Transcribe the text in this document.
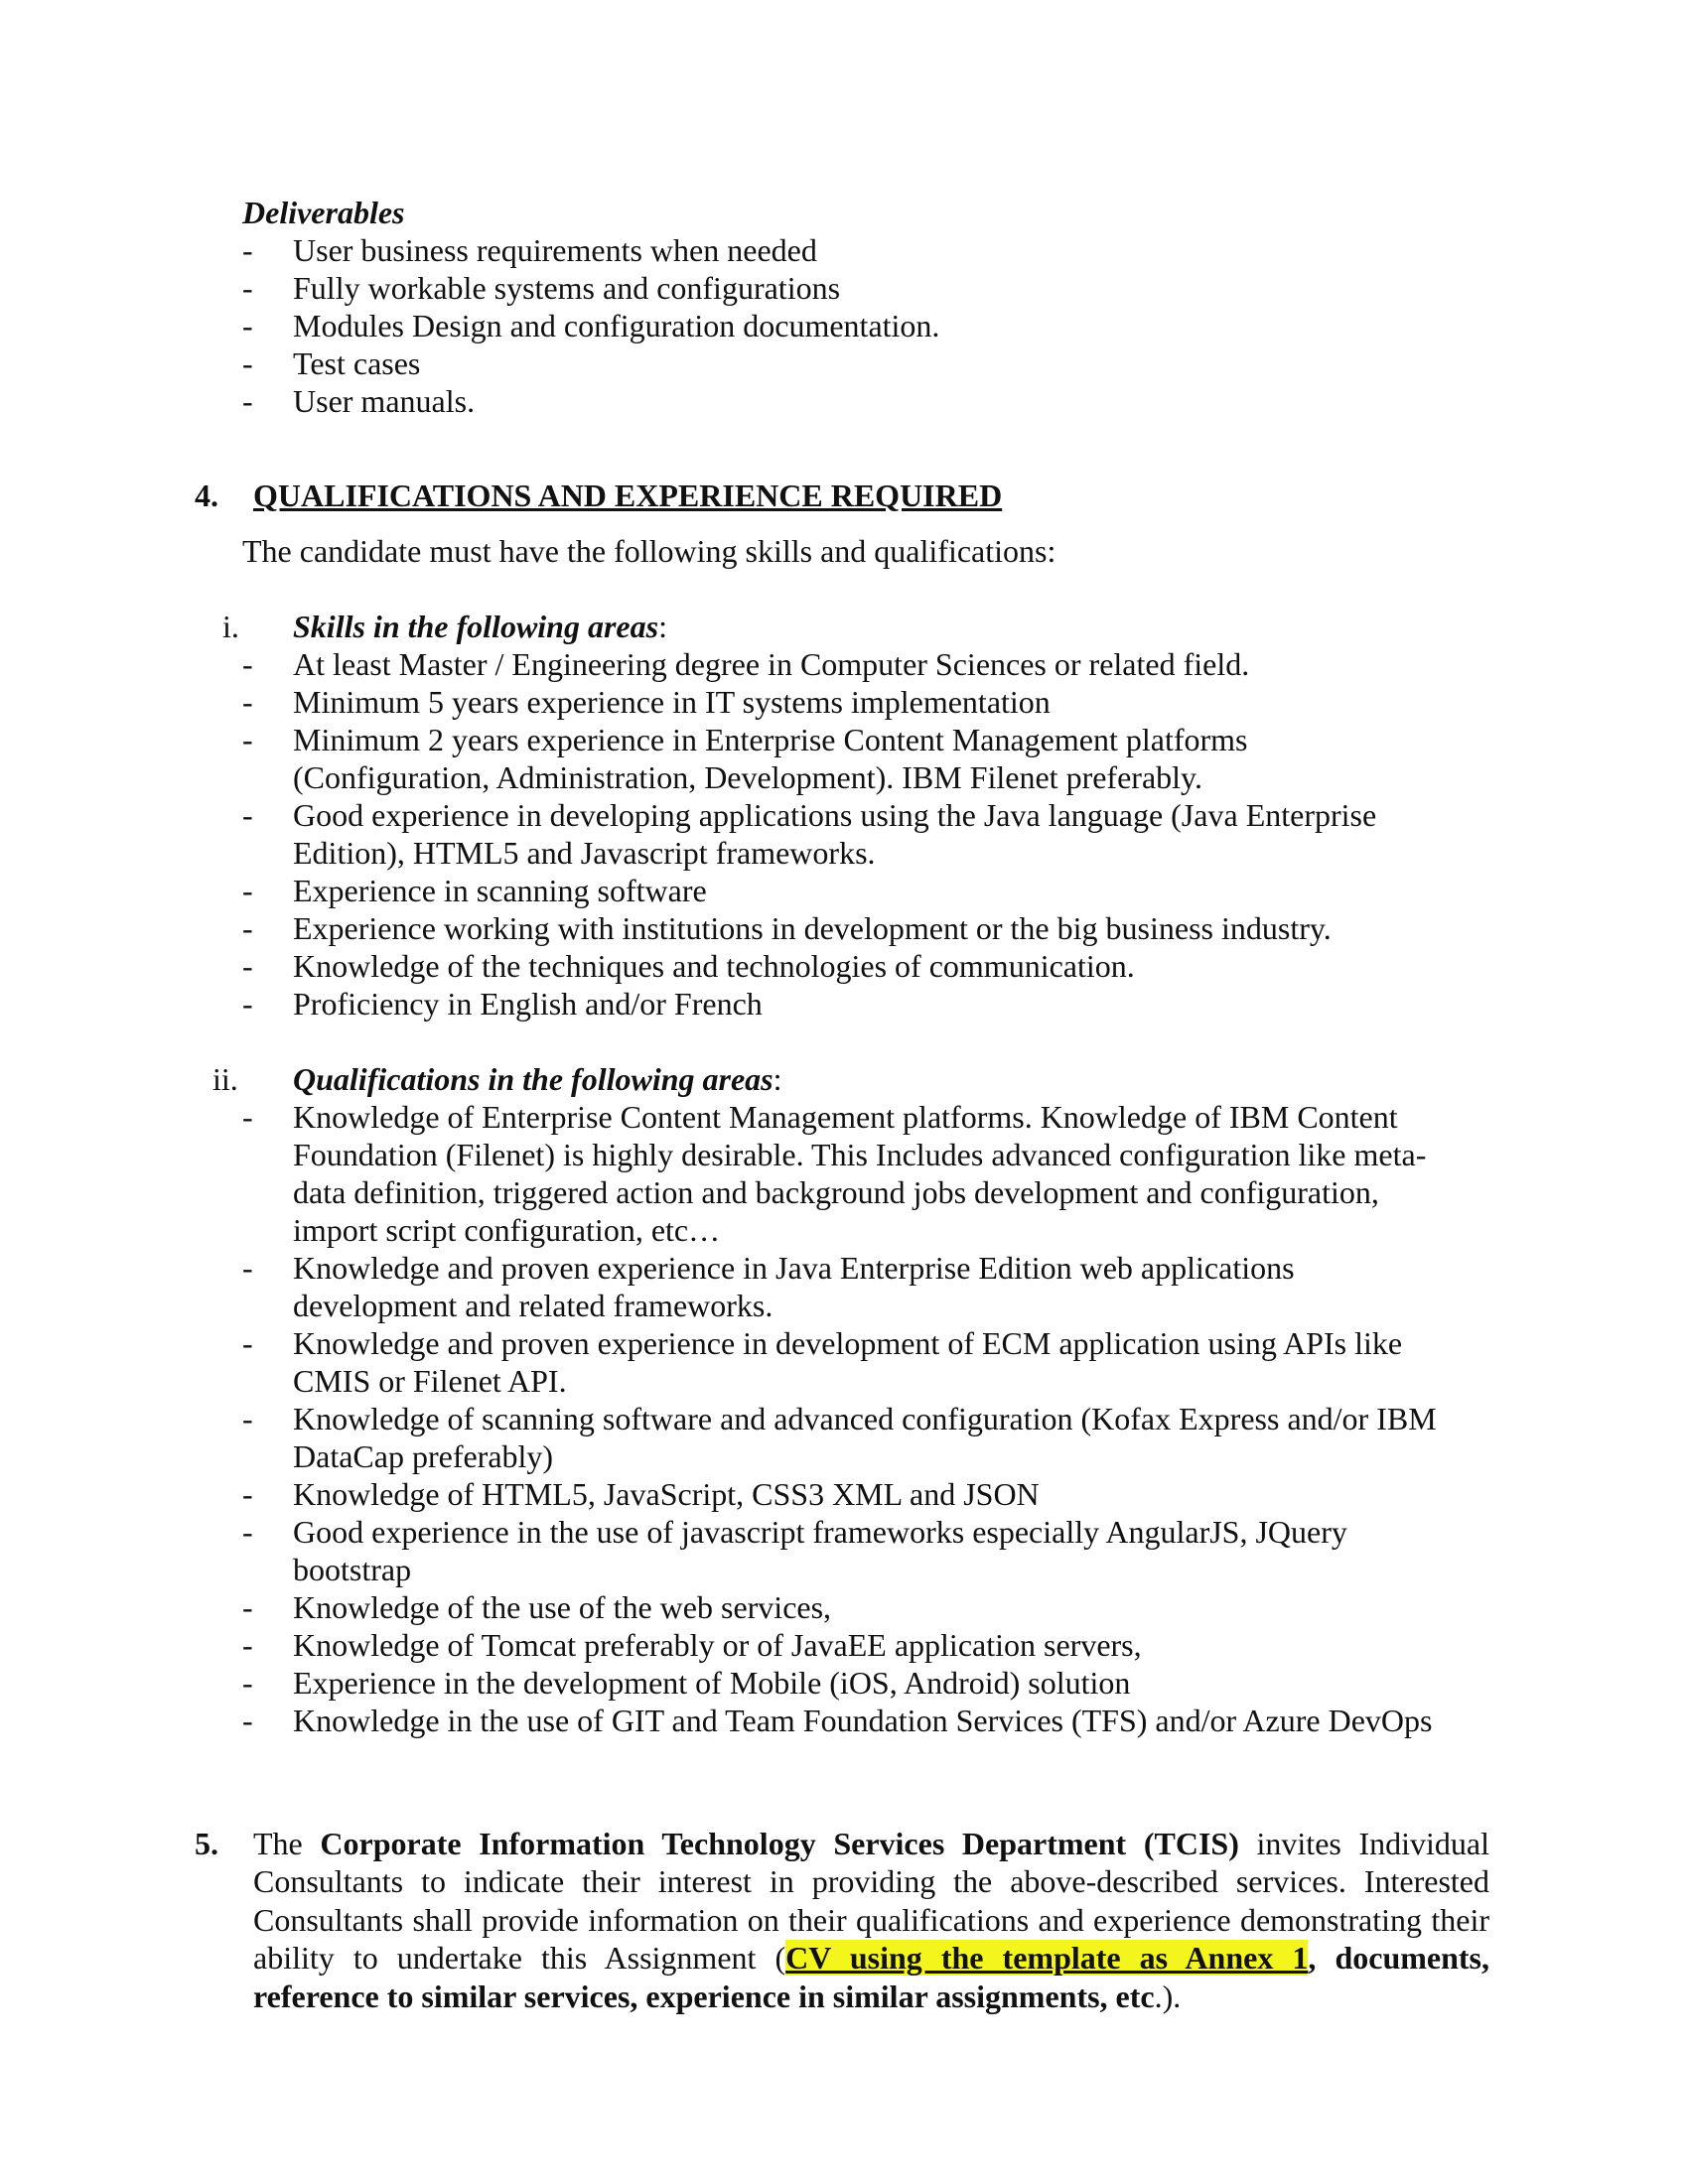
Deliverables
- User business requirements when needed
- Fully workable systems and configurations
- Modules Design and configuration documentation.
- Test cases
- User manuals.
4. QUALIFICATIONS AND EXPERIENCE REQUIRED
The candidate must have the following skills and qualifications:
i. Skills in the following areas:
- At least Master / Engineering degree in Computer Sciences or related field.
- Minimum 5 years experience in IT systems implementation
- Minimum 2 years experience in Enterprise Content Management platforms
(Configuration, Administration, Development). IBM Filenet preferably.
- Good experience in developing applications using the Java language (Java Enterprise
Edition), HTML5 and Javascript frameworks.
- Experience in scanning software
- Experience working with institutions in development or the big business industry.
- Knowledge of the techniques and technologies of communication.
- Proficiency in English and/or French
ii. Qualifications in the following areas:
- Knowledge of Enterprise Content Management platforms. Knowledge of IBM Content
Foundation (Filenet) is highly desirable. This Includes advanced configuration like meta-
data definition, triggered action and background jobs development and configuration,
import script configuration, etc…
- Knowledge and proven experience in Java Enterprise Edition web applications
development and related frameworks.
- Knowledge and proven experience in development of ECM application using APIs like
CMIS or Filenet API.
- Knowledge of scanning software and advanced configuration (Kofax Express and/or IBM
DataCap preferably)
- Knowledge of HTML5, JavaScript, CSS3 XML and JSON
- Good experience in the use of javascript frameworks especially AngularJS, JQuery
bootstrap
- Knowledge of the use of the web services,
- Knowledge of Tomcat preferably or of JavaEE application servers,
- Experience in the development of Mobile (iOS, Android) solution
- Knowledge in the use of GIT and Team Foundation Services (TFS) and/or Azure DevOps
5. The Corporate Information Technology Services Department (TCIS) invites Individual Consultants to indicate their interest in providing the above-described services. Interested Consultants shall provide information on their qualifications and experience demonstrating their ability to undertake this Assignment (CV using the template as Annex 1, documents, reference to similar services, experience in similar assignments, etc.).
